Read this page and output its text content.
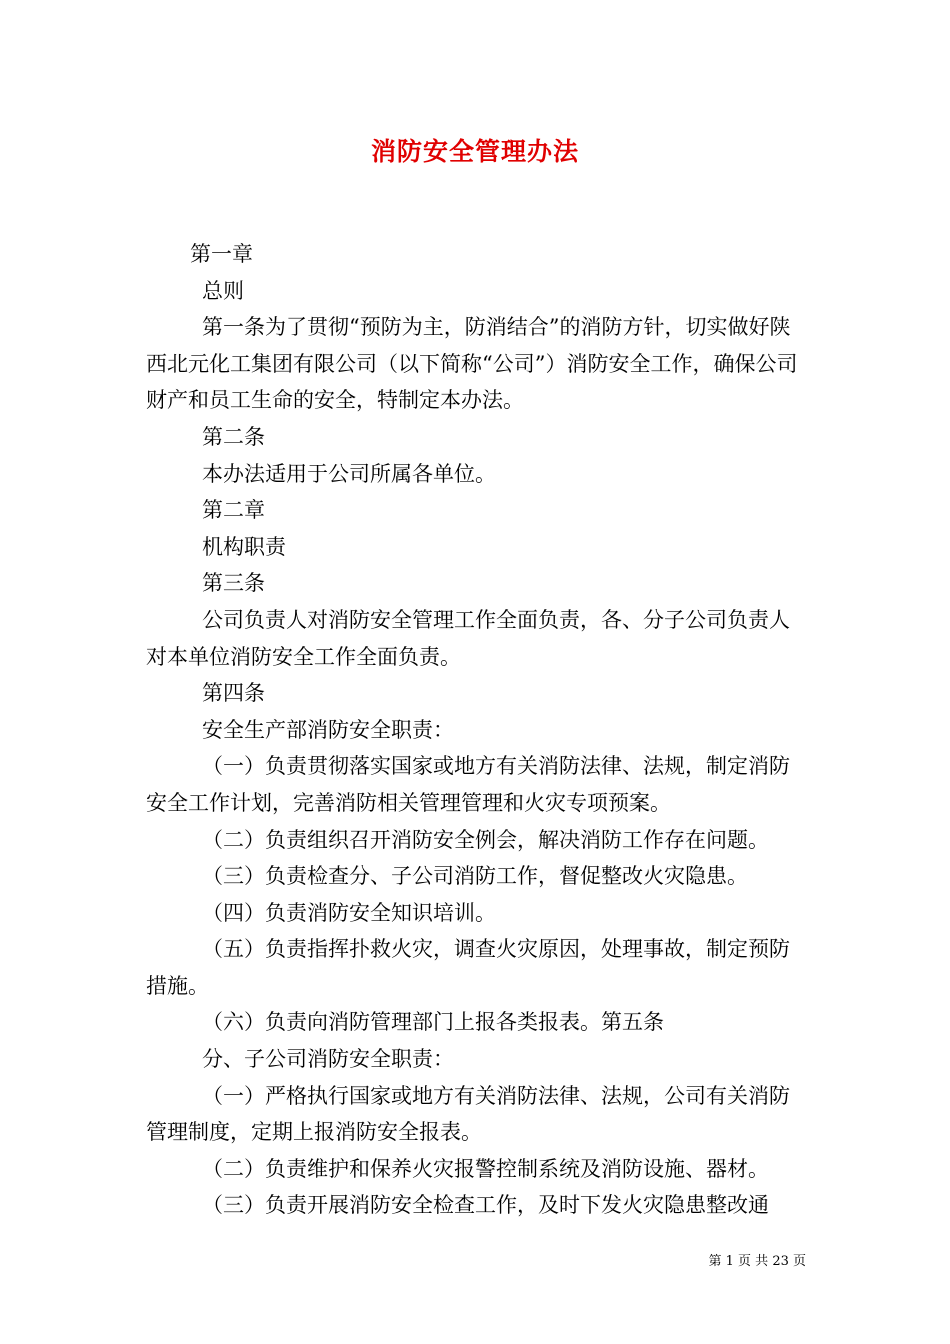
消防安全管理办法

第一章

总则

第一条为了贯彻“预防为主，防消结合”的消防方针，切实做好陕西北元化工集团有限公司（以下简称“公司”）消防安全工作，确保公司财产和员工生命的安全，特制定本办法。

第二条

本办法适用于公司所属各单位。

第二章

机构职责

第三条

公司负责人对消防安全管理工作全面负责，各、分子公司负责人对本单位消防安全工作全面负责。

第四条

安全生产部消防安全职责：

（一）负责贯彻落实国家或地方有关消防法律、法规，制定消防安全工作计划，完善消防相关管理管理和火灾专项预案。

（二）负责组织召开消防安全例会，解决消防工作存在问题。

（三）负责检查分、子公司消防工作，督促整改火灾隐患。

（四）负责消防安全知识培训。

（五）负责指挥扑救火灾，调查火灾原因，处理事故，制定预防措施。

（六）负责向消防管理部门上报各类报表。第五条

分、子公司消防安全职责：

（一）严格执行国家或地方有关消防法律、法规，公司有关消防管理制度，定期上报消防安全报表。

（二）负责维护和保养火灾报警控制系统及消防设施、器材。

（三）负责开展消防安全检查工作，及时下发火灾隐患整改通

第 1 页 共 23 页
